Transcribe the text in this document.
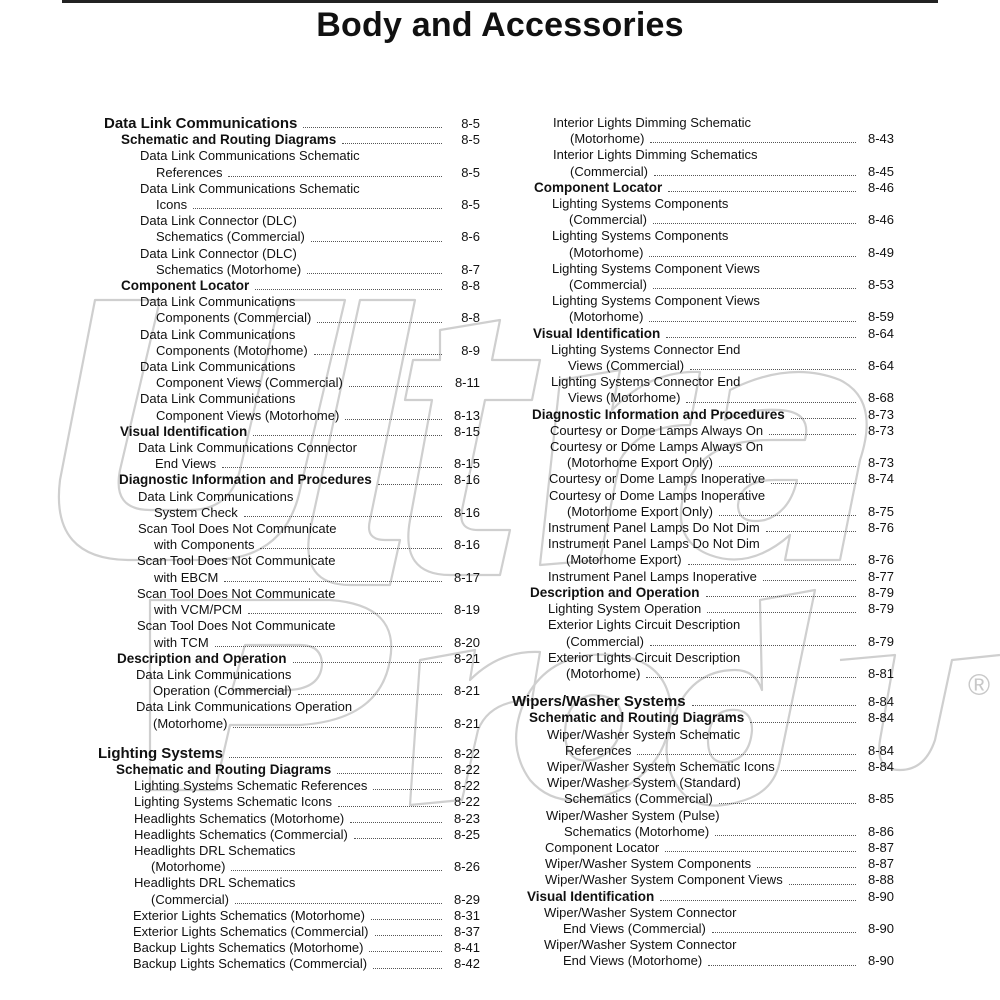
Body and Accessories
®
Data Link Communications	8-5
Schematic and Routing Diagrams	8-5
Data Link Communications Schematic
References	8-5
Data Link Communications Schematic
Icons	8-5
Data Link Connector (DLC)
Schematics (Commercial)	8-6
Data Link Connector (DLC)
Schematics (Motorhome)	8-7
Component Locator	8-8
Data Link Communications
Components (Commercial)	8-8
Data Link Communications
Components (Motorhome)	8-9
Data Link Communications
Component Views (Commercial)	8-11
Data Link Communications
Component Views (Motorhome)	8-13
Visual Identification	8-15
Data Link Communications Connector
End Views	8-15
Diagnostic Information and Procedures	8-16
Data Link Communications
System Check	8-16
Scan Tool Does Not Communicate
with Components	8-16
Scan Tool Does Not Communicate
with EBCM	8-17
Scan Tool Does Not Communicate
with VCM/PCM	8-19
Scan Tool Does Not Communicate
with TCM	8-20
Description and Operation	8-21
Data Link Communications
Operation (Commercial)	8-21
Data Link Communications Operation
(Motorhome)	8-21
Lighting Systems	8-22
Schematic and Routing Diagrams	8-22
Lighting Systems Schematic References	8-22
Lighting Systems Schematic Icons	8-22
Headlights Schematics (Motorhome)	8-23
Headlights Schematics (Commercial)	8-25
Headlights DRL Schematics
(Motorhome)	8-26
Headlights DRL Schematics
(Commercial)	8-29
Exterior Lights Schematics (Motorhome)	8-31
Exterior Lights Schematics (Commercial)	8-37
Backup Lights Schematics (Motorhome)	8-41
Backup Lights Schematics (Commercial)	8-42
Interior Lights Dimming Schematic
(Motorhome)	8-43
Interior Lights Dimming Schematics
(Commercial)	8-45
Component Locator	8-46
Lighting Systems Components
(Commercial)	8-46
Lighting Systems Components
(Motorhome)	8-49
Lighting Systems Component Views
(Commercial)	8-53
Lighting Systems Component Views
(Motorhome)	8-59
Visual Identification	8-64
Lighting Systems Connector End
Views (Commercial)	8-64
Lighting Systems Connector End
Views (Motorhome)	8-68
Diagnostic Information and Procedures	8-73
Courtesy or Dome Lamps Always On	8-73
Courtesy or Dome Lamps Always On
(Motorhome Export Only)	8-73
Courtesy or Dome Lamps Inoperative	8-74
Courtesy or Dome Lamps Inoperative
(Motorhome Export Only)	8-75
Instrument Panel Lamps Do Not Dim	8-76
Instrument Panel Lamps Do Not Dim
(Motorhome Export)	8-76
Instrument Panel Lamps Inoperative	8-77
Description and Operation	8-79
Lighting System Operation	8-79
Exterior Lights Circuit Description
(Commercial)	8-79
Exterior Lights Circuit Description
(Motorhome)	8-81
Wipers/Washer Systems	8-84
Schematic and Routing Diagrams	8-84
Wiper/Washer System Schematic
References	8-84
Wiper/Washer System Schematic Icons	8-84
Wiper/Washer System (Standard)
Schematics (Commercial)	8-85
Wiper/Washer System (Pulse)
Schematics (Motorhome)	8-86
Component Locator	8-87
Wiper/Washer System Components	8-87
Wiper/Washer System Component Views	8-88
Visual Identification	8-90
Wiper/Washer System Connector
End Views (Commercial)	8-90
Wiper/Washer System Connector
End Views (Motorhome)	8-90
